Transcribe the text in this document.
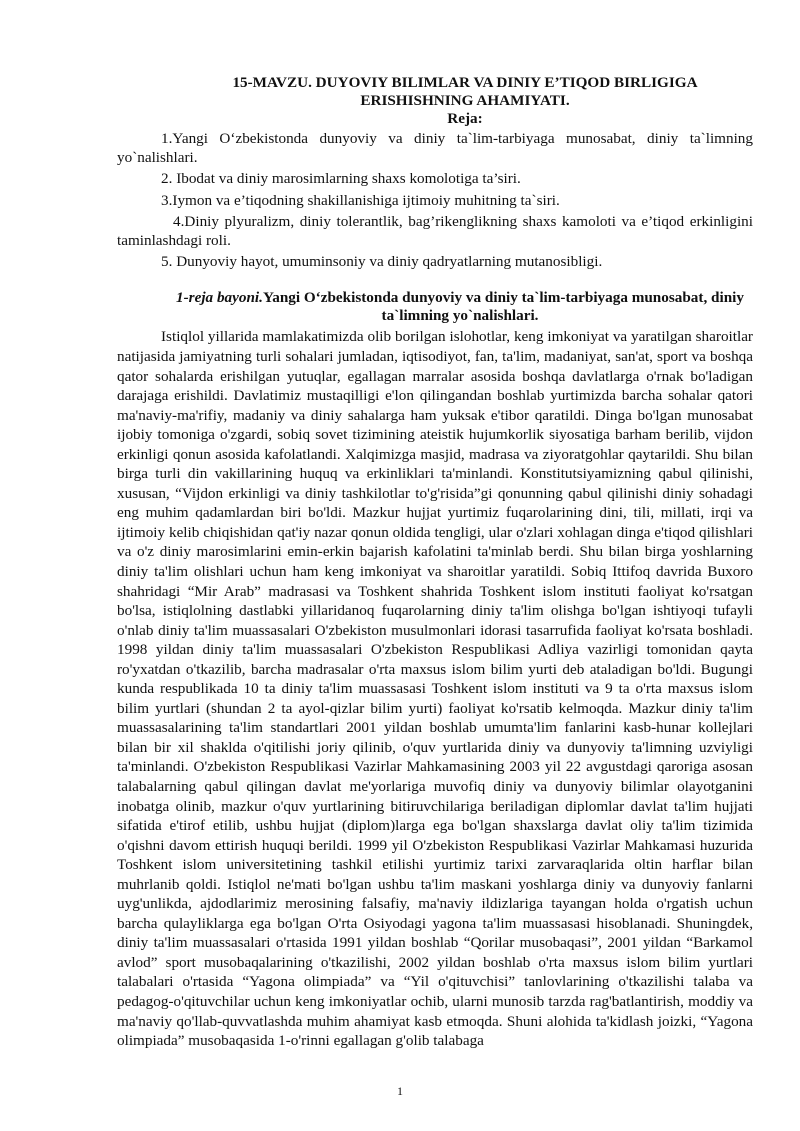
15-MAVZU. DUYOVIY BILIMLAR VA DINIY E’TIQOD BIRLIGIGA ERISHISHNING AHAMIYATI.

Reja:

1.Yangi O‘zbekistonda dunyoviy va diniy ta`lim-tarbiyaga munosabat, diniy ta`limning yo`nalishlari.

2. Ibodat va diniy marosimlarning shaxs komolotiga ta’siri.

3.Iymon va e’tiqodning shakillanishiga ijtimoiy muhitning ta`siri.

4.Diniy plyuralizm, diniy tolerantlik, bag’rikenglikning shaxs kamoloti va e’tiqod erkinligini taminlashdagi roli.

5. Dunyoviy hayot, umuminsoniy va diniy qadryatlarning mutanosibligi.

1-reja bayoni.Yangi O‘zbekistonda dunyoviy va diniy ta`lim-tarbiyaga munosabat, diniy ta`limning yo`nalishlari.

Istiqlol yillarida mamlakatimizda olib borilgan islohotlar, keng imkoniyat va yaratilgan sharoitlar natijasida jamiyatning turli sohalari jumladan, iqtisodiyot, fan, ta'lim, madaniyat, san'at, sport va boshqa qator sohalarda erishilgan yutuqlar, egallagan marralar asosida boshqa davlatlarga o'rnak bo'ladigan darajaga erishildi. Davlatimiz mustaqilligi e'lon qilingandan boshlab yurtimizda barcha sohalar qatori ma'naviy-ma'rifiy, madaniy va diniy sahalarga ham yuksak e'tibor qaratildi. Dinga bo'lgan munosabat ijobiy tomoniga o'zgardi, sobiq sovet tizimining ateistik hujumkorlik siyosatiga barham berilib, vijdon erkinligi qonun asosida kafolatlandi. Xalqimizga masjid, madrasa va ziyoratgohlar qaytarildi. Shu bilan birga turli din vakillarining huquq va erkinliklari ta'minlandi. Konstitutsiyamizning qabul qilinishi, xususan, “Vijdon erkinligi va diniy tashkilotlar to'g'risida”gi qonunning qabul qilinishi diniy sohadagi eng muhim qadamlardan biri bo'ldi. Mazkur hujjat yurtimiz fuqarolarining dini, tili, millati, irqi va ijtimoiy kelib chiqishidan qat'iy nazar qonun oldida tengligi, ular o'zlari xohlagan dinga e'tiqod qilishlari va o'z diniy marosimlarini emin-erkin bajarish kafolatini ta'minlab berdi. Shu bilan birga yoshlarning diniy ta'lim olishlari uchun ham keng imkoniyat va sharoitlar yaratildi. Sobiq Ittifoq davrida Buxoro shahridagi “Mir Arab” madrasasi va Toshkent shahrida Toshkent islom instituti faoliyat ko'rsatgan bo'lsa, istiqlolning dastlabki yillaridanoq fuqarolarning diniy ta'lim olishga bo'lgan ishtiyoqi tufayli o'nlab diniy ta'lim muassasalari O'zbekiston musulmonlari idorasi tasarrufida faoliyat ko'rsata boshladi. 1998 yildan diniy ta'lim muassasalari O'zbekiston Respublikasi Adliya vazirligi tomonidan qayta ro'yxatdan o'tkazilib, barcha madrasalar o'rta maxsus islom bilim yurti deb ataladigan bo'ldi. Bugungi kunda respublikada 10 ta diniy ta'lim muassasasi Toshkent islom instituti va 9 ta o'rta maxsus islom bilim yurtlari (shundan 2 ta ayol-qizlar bilim yurti) faoliyat ko'rsatib kelmoqda. Mazkur diniy ta'lim muassasalarining ta'lim standartlari 2001 yildan boshlab umumta'lim fanlarini kasb-hunar kollejlari bilan bir xil shaklda o'qitilishi joriy qilinib, o'quv yurtlarida diniy va dunyoviy ta'limning uzviyligi ta'minlandi. O'zbekiston Respublikasi Vazirlar Mahkamasining 2003 yil 22 avgustdagi qaroriga asosan talabalarning qabul qilingan davlat me'yorlariga muvofiq diniy va dunyoviy bilimlar olayotganini inobatga olinib, mazkur o'quv yurtlarining bitiruvchilariga beriladigan diplomlar davlat ta'lim hujjati sifatida e'tirof etilib, ushbu hujjat (diplom)larga ega bo'lgan shaxslarga davlat oliy ta'lim tizimida o'qishni davom ettirish huquqi berildi. 1999 yil O'zbekiston Respublikasi Vazirlar Mahkamasi huzurida Toshkent islom universitetining tashkil etilishi yurtimiz tarixi zarvaraqlarida oltin harflar bilan muhrlanib qoldi. Istiqlol ne'mati bo'lgan ushbu ta'lim maskani yoshlarga diniy va dunyoviy fanlarni uyg'unlikda, ajdodlarimiz merosining falsafiy, ma'naviy ildizlariga tayangan holda o'rgatish uchun barcha qulayliklarga ega bo'lgan O'rta Osiyodagi yagona ta'lim muassasasi hisoblanadi. Shuningdek, diniy ta'lim muassasalari o'rtasida 1991 yildan boshlab “Qorilar musobaqasi”, 2001 yildan “Barkamol avlod” sport musobaqalarining o'tkazilishi, 2002 yildan boshlab o'rta maxsus islom bilim yurtlari talabalari o'rtasida “Yagona olimpiada” va “Yil o'qituvchisi” tanlovlarining o'tkazilishi talaba va pedagog-o'qituvchilar uchun keng imkoniyatlar ochib, ularni munosib tarzda rag'batlantirish, moddiy va ma'naviy qo'llab-quvvatlashda muhim ahamiyat kasb etmoqda. Shuni alohida ta'kidlash joizki, “Yagona olimpiada” musobaqasida 1-o'rinni egallagan g'olib talabaga

1
